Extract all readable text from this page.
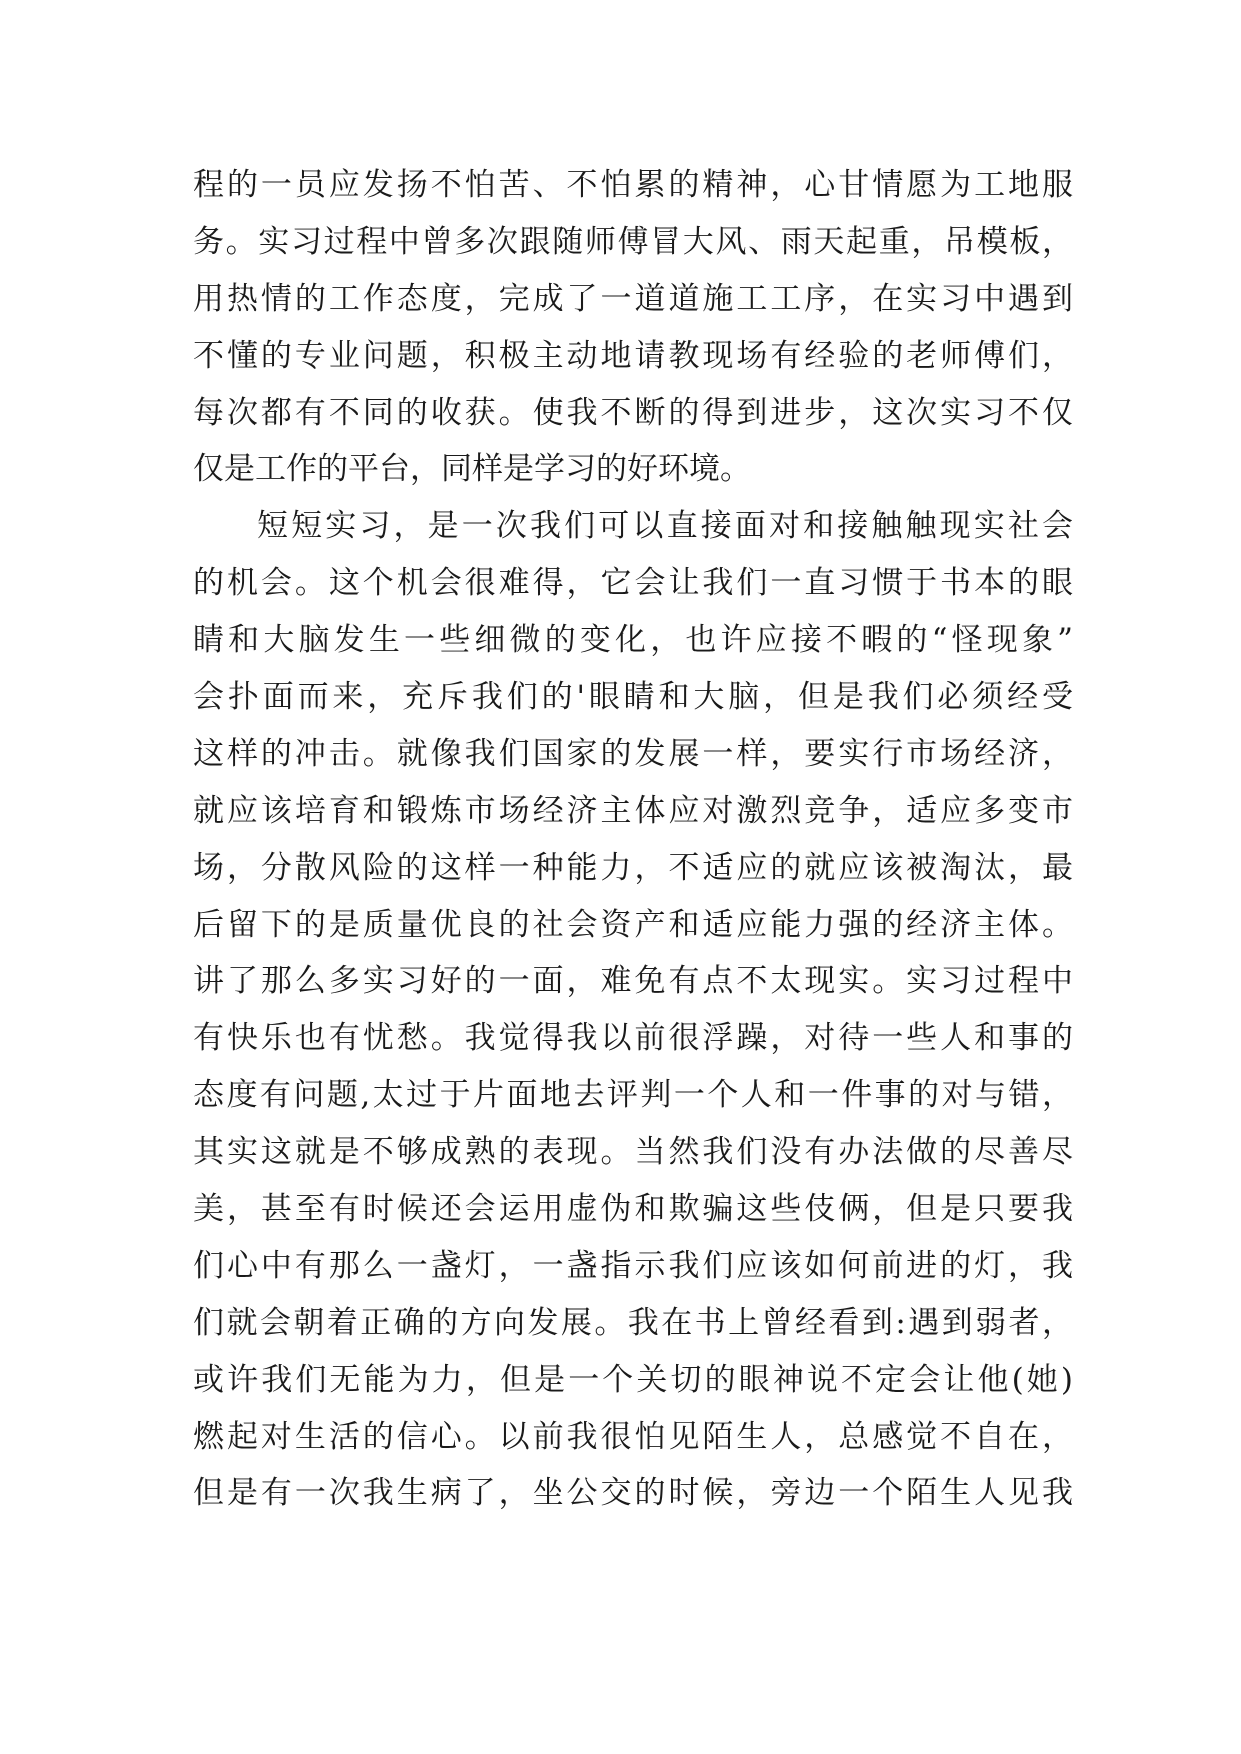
程的一员应发扬不怕苦、不怕累的精神，心甘情愿为工地服
务。实习过程中曾多次跟随师傅冒大风、雨天起重，吊模板，
用热情的工作态度，完成了一道道施工工序，在实习中遇到
不懂的专业问题，积极主动地请教现场有经验的老师傅们，
每次都有不同的收获。使我不断的得到进步，这次实习不仅
仅是工作的平台，同样是学习的好环境。
短短实习，是一次我们可以直接面对和接触触现实社会
的机会。这个机会很难得，它会让我们一直习惯于书本的眼
睛和大脑发生一些细微的变化，也许应接不暇的“怪现象”
会扑面而来，充斥我们的'眼睛和大脑，但是我们必须经受
这样的冲击。就像我们国家的发展一样，要实行市场经济，
就应该培育和锻炼市场经济主体应对激烈竞争，适应多变市
场，分散风险的这样一种能力，不适应的就应该被淘汰，最
后留下的是质量优良的社会资产和适应能力强的经济主体。
讲了那么多实习好的一面，难免有点不太现实。实习过程中
有快乐也有忧愁。我觉得我以前很浮躁，对待一些人和事的
态度有问题,太过于片面地去评判一个人和一件事的对与错，
其实这就是不够成熟的表现。当然我们没有办法做的尽善尽
美，甚至有时候还会运用虚伪和欺骗这些伎俩，但是只要我
们心中有那么一盏灯，一盏指示我们应该如何前进的灯，我
们就会朝着正确的方向发展。我在书上曾经看到:遇到弱者，
或许我们无能为力，但是一个关切的眼神说不定会让他(她)
燃起对生活的信心。以前我很怕见陌生人，总感觉不自在，
但是有一次我生病了，坐公交的时候，旁边一个陌生人见我
